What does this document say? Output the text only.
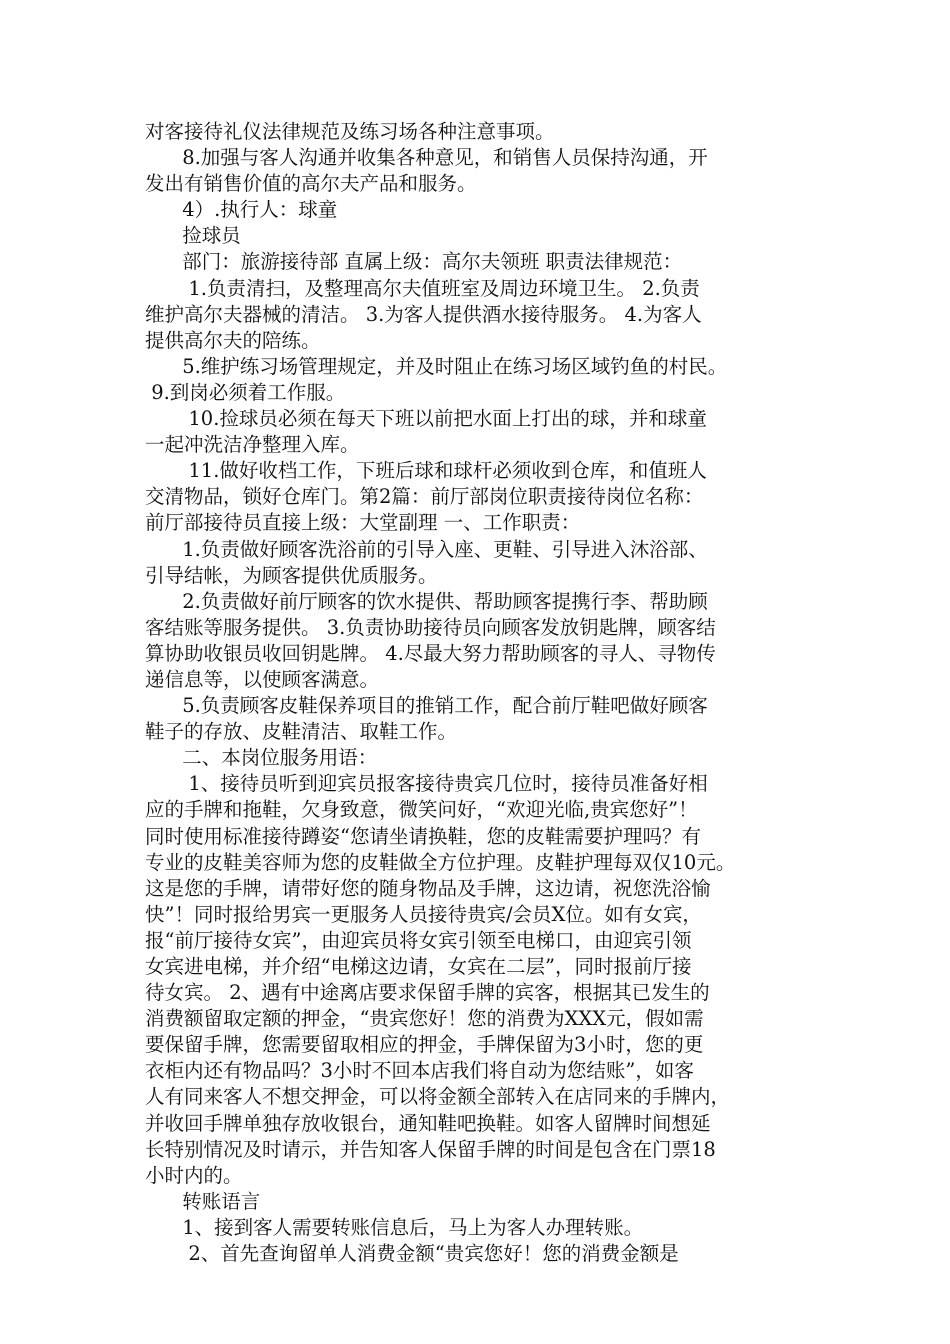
对客接待礼仪法律规范及练习场各种注意事项。
8.加强与客人沟通并收集各种意见，和销售人员保持沟通，开
发出有销售价值的高尔夫产品和服务。
4）.执行人：球童
捡球员
部门：旅游接待部 直属上级：高尔夫领班 职责法律规范：
1.负责清扫，及整理高尔夫值班室及周边环境卫生。 2.负责
维护高尔夫器械的清洁。 3.为客人提供酒水接待服务。 4.为客人
提供高尔夫的陪练。
5.维护练习场管理规定，并及时阻止在练习场区域钓鱼的村民。
9.到岗必须着工作服。
10.捡球员必须在每天下班以前把水面上打出的球，并和球童
一起冲洗洁净整理入库。
11.做好收档工作，下班后球和球杆必须收到仓库，和值班人
交清物品，锁好仓库门。第2篇：前厅部岗位职责接待岗位名称：
前厅部接待员直接上级：大堂副理 一、工作职责：
1.负责做好顾客洗浴前的引导入座、更鞋、引导进入沐浴部、
引导结帐，为顾客提供优质服务。
2.负责做好前厅顾客的饮水提供、帮助顾客提携行李、帮助顾
客结账等服务提供。 3.负责协助接待员向顾客发放钥匙牌，顾客结
算协助收银员收回钥匙牌。 4.尽最大努力帮助顾客的寻人、寻物传
递信息等，以使顾客满意。
5.负责顾客皮鞋保养项目的推销工作，配合前厅鞋吧做好顾客
鞋子的存放、皮鞋清洁、取鞋工作。
二、本岗位服务用语：
1、接待员听到迎宾员报客接待贵宾几位时，接待员准备好相
应的手牌和拖鞋，欠身致意，微笑问好，“欢迎光临,贵宾您好”！
同时使用标准接待蹲姿“您请坐请换鞋，您的皮鞋需要护理吗？有
专业的皮鞋美容师为您的皮鞋做全方位护理。皮鞋护理每双仅10元。
这是您的手牌，请带好您的随身物品及手牌，这边请，祝您洗浴愉
快”！同时报给男宾一更服务人员接待贵宾/会员X位。如有女宾，
报“前厅接待女宾”，由迎宾员将女宾引领至电梯口，由迎宾引领
女宾进电梯，并介绍“电梯这边请，女宾在二层”，同时报前厅接
待女宾。 2、遇有中途离店要求保留手牌的宾客，根据其已发生的
消费额留取定额的押金，“贵宾您好！您的消费为XXX元，假如需
要保留手牌，您需要留取相应的押金，手牌保留为3小时，您的更
衣柜内还有物品吗？3小时不回本店我们将自动为您结账”，如客
人有同来客人不想交押金，可以将金额全部转入在店同来的手牌内，
并收回手牌单独存放收银台，通知鞋吧换鞋。如客人留牌时间想延
长特别情况及时请示，并告知客人保留手牌的时间是包含在门票18
小时内的。
转账语言
1、接到客人需要转账信息后，马上为客人办理转账。
2、首先查询留单人消费金额“贵宾您好！您的消费金额是
